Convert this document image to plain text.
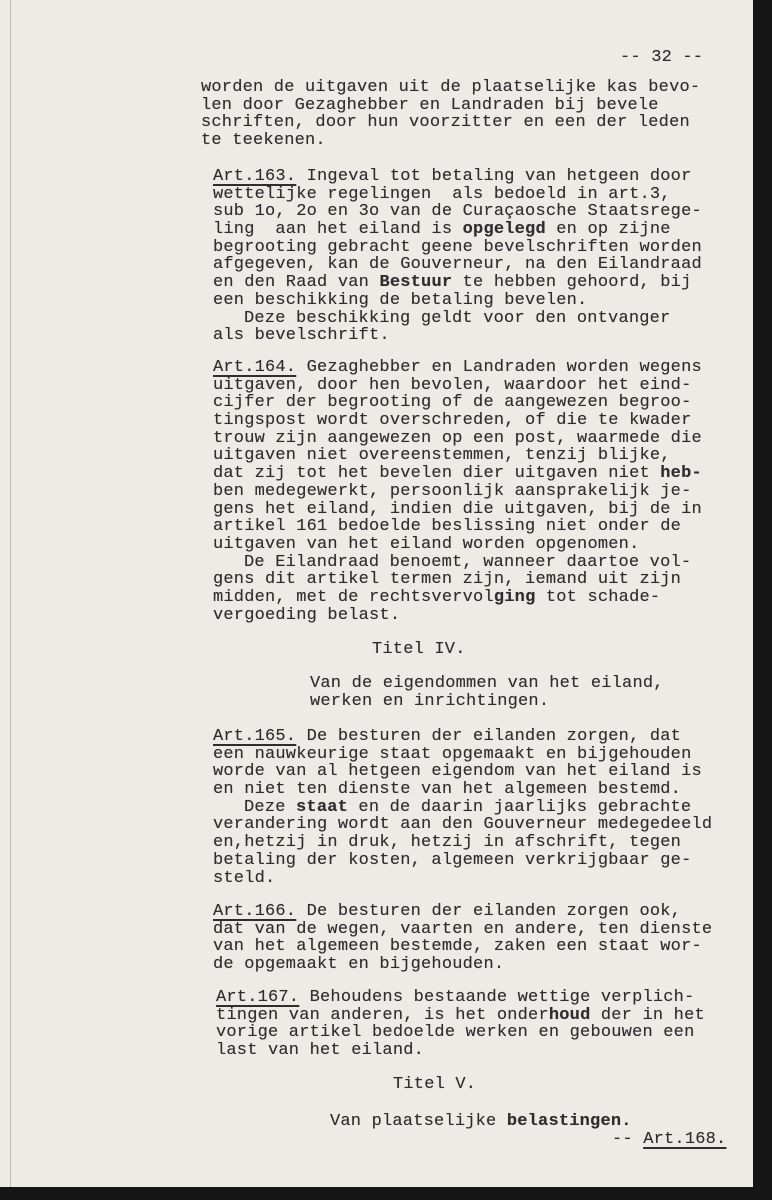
-- 32 --
worden de uitgaven uit de plaatselijke kas bevo-
len door Gezaghebber en Landraden bij bevele
schriften, door hun voorzitter en een der leden
te teekenen.
Art.163. Ingeval tot betaling van hetgeen door
wettelijke regelingen  als bedoeld in art.3,
sub 1o, 2o en 3o van de Curaçaosche Staatsrege-
ling  aan het eiland is opgelegd en op zijne
begrooting gebracht geene bevelschriften worden
afgegeven, kan de Gouverneur, na den Eilandraad
en den Raad van Bestuur te hebben gehoord, bij
een beschikking de betaling bevelen.
Deze beschikking geldt voor den ontvanger
als bevelschrift.
Art.164. Gezaghebber en Landraden worden wegens
uitgaven, door hen bevolen, waardoor het eind-
cijfer der begrooting of de aangewezen begroo-
tingspost wordt overschreden, of die te kwader
trouw zijn aangewezen op een post, waarmede die
uitgaven niet overeenstemmen, tenzij blijke,
dat zij tot het bevelen dier uitgaven niet heb-
ben medegewerkt, persoonlijk aansprakelijk je-
gens het eiland, indien die uitgaven, bij de in
artikel 161 bedoelde beslissing niet onder de
uitgaven van het eiland worden opgenomen.
De Eilandraad benoemt, wanneer daartoe vol-
gens dit artikel termen zijn, iemand uit zijn
midden, met de rechtsvervolging tot schade-
vergoeding belast.
Titel IV.
Van de eigendommen van het eiland,
werken en inrichtingen.
Art.165. De besturen der eilanden zorgen, dat
een nauwkeurige staat opgemaakt en bijgehouden
worde van al hetgeen eigendom van het eiland is
en niet ten dienste van het algemeen bestemd.
Deze staat en de daarin jaarlijks gebrachte
verandering wordt aan den Gouverneur medegedeeld
en,hetzij in druk, hetzij in afschrift, tegen
betaling der kosten, algemeen verkrijgbaar ge-
steld.
Art.166. De besturen der eilanden zorgen ook,
dat van de wegen, vaarten en andere, ten dienste
van het algemeen bestemde, zaken een staat wor-
de opgemaakt en bijgehouden.
Art.167. Behoudens bestaande wettige verplich-
tingen van anderen, is het onderhoud der in het
vorige artikel bedoelde werken en gebouwen een
last van het eiland.
Titel V.
Van plaatselijke belastingen.
-- Art.168.
